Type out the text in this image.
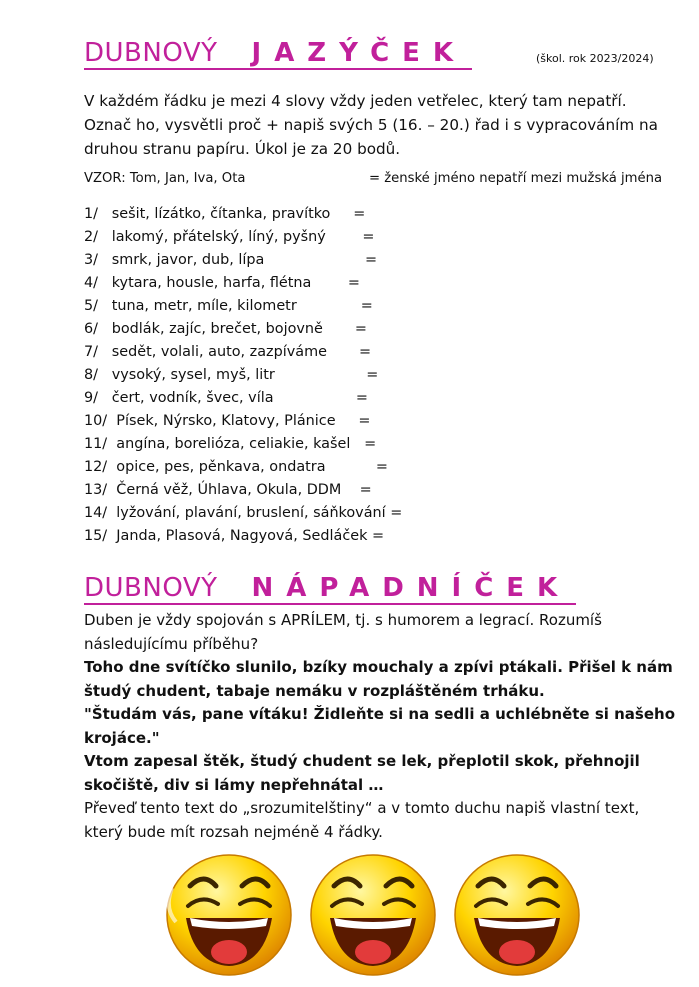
DUBNOVÝ JAZÝČEK	(škol. rok 2023/2024)

V každém řádku je mezi 4 slovy vždy jeden vetřelec, který tam nepatří.

Označ ho, vysvětli proč + napiš svých 5 (16. – 20.) řad i s vypracováním na

druhou stranu papíru. Úkol je za 20 bodů.

VZOR: Tom, Jan, Iva, Ota	= ženské jméno nepatří mezi mužská jména
1/   sešit, lízátko, čítanka, pravítko     =
2/   lakomý, přátelský, líný, pyšný        =
3/   smrk, javor, dub, lípa                      =
4/   kytara, housle, harfa, flétna        =
5/   tuna, metr, míle, kilometr              =
6/   bodlák, zajíc, brečet, bojovně       =
7/   sedět, volali, auto, zazpíváme       =
8/   vysoký, sysel, myš, litr                    =
9/   čert, vodník, švec, víla                  =
10/  Písek, Nýrsko, Klatovy, Plánice     =
11/  angína, borelióza, celiakie, kašel   =
12/  opice, pes, pěnkava, ondatra           =
13/  Černá věž, Úhlava, Okula, DDM    =
14/  lyžování, plavání, bruslení, sáňkování =
15/  Janda, Plasová, Nagyová, Sedláček =
DUBNOVÝ NÁPADNÍČEK

Duben je vždy spojován s APRÍLEM, tj. s humorem a legrací. Rozumíš

následujícímu příběhu?

Toho dne svítíčko slunilo, bzíky mouchaly a zpívi ptákali. Přišel k nám

študý chudent, tabaje nemáku v rozpláštěném trháku.

"Študám vás, pane vítáku! Židleňte si na sedli a uchlébněte si našeho

krojáce."

Vtom zapesal štěk, študý chudent se lek, přeplotil skok, přehnojil

skočiště, div si lámy nepřehnátal …

Převeď tento text do „srozumitelštiny“ a v tomto duchu napiš vlastní text,

který bude mít rozsah nejméně 4 řádky.
